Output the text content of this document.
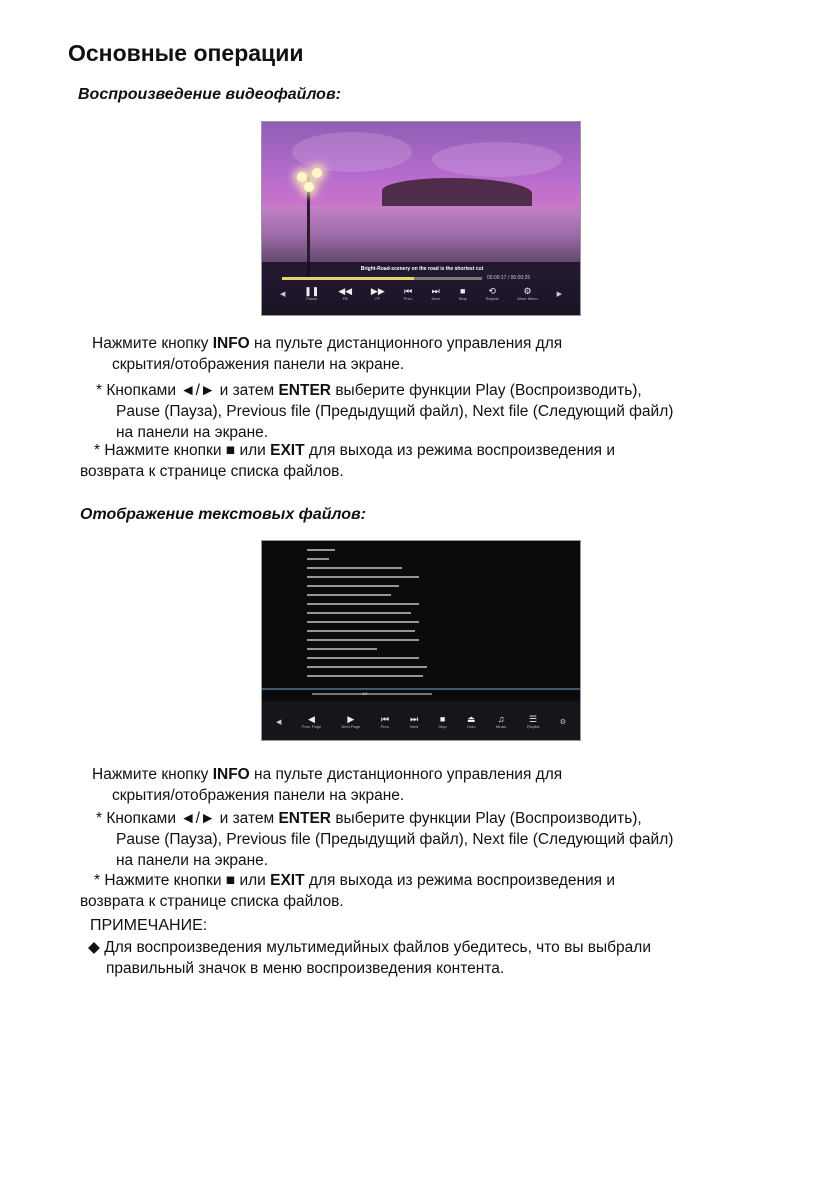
Основные операции

Воспроизведение видеофайлов:

Bright-Road-scenery on the road is the shortest cut
00:00:17 / 00:00:25
◀ ❚❚
Pause
◀◀
FB
▶▶
FF
⏮
Prev.
⏭
Next
■
Stop
⟲
Repeat
⚙
More Menu
▶
Нажмите кнопку INFO на пульте дистанционного управления для
скрытия/отображения панели на экране.
* Кнопками ◄/► и затем ENTER выберите функции Play (Воспроизводить),
Pause (Пауза), Previous file (Предыдущий файл), Next file (Следующий файл)
на панели на экране.
* Нажмите кнопки ■ или EXIT для выхода из режима воспроизведения и
возврата к странице списка файлов.

Отображение текстовых файлов:

1/1
◀	◀
Prev. Page
▶
Next Page
⏮
Prev.
⏭
Next
■
Stop
⏏
Goto
♫
Music
☰
Playlist
⚙
Нажмите кнопку INFO на пульте дистанционного управления для
скрытия/отображения панели на экране.
* Кнопками ◄/► и затем ENTER выберите функции Play (Воспроизводить),
Pause (Пауза), Previous file (Предыдущий файл), Next file (Следующий файл)
на панели на экране.
* Нажмите кнопки ■ или EXIT для выхода из режима воспроизведения и
возврата к странице списка файлов.
ПРИМЕЧАНИЕ:
◆ Для воспроизведения мультимедийных файлов убедитесь, что вы выбрали
правильный значок в меню воспроизведения контента.
